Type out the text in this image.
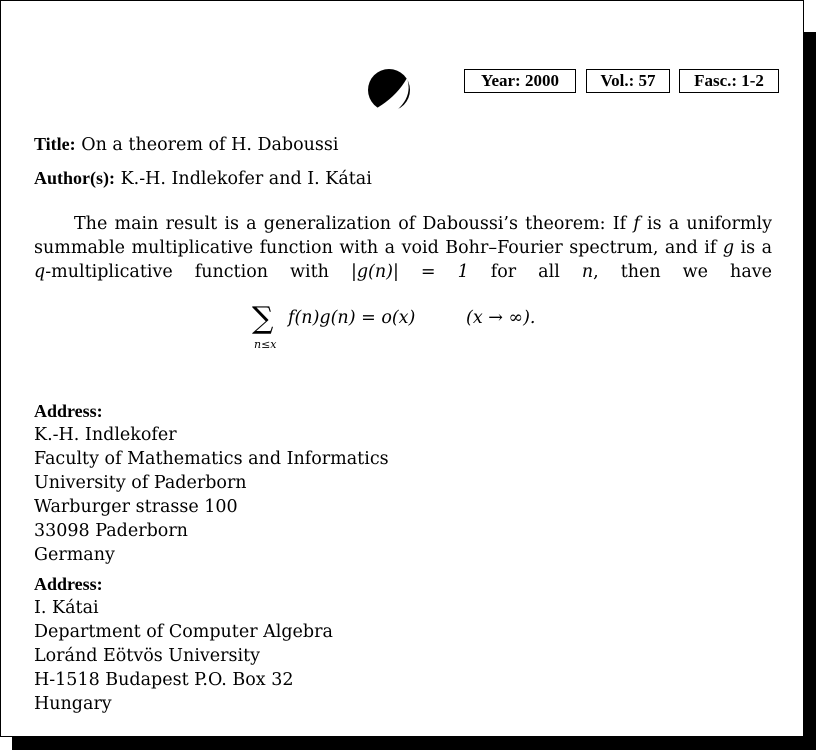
Year: 2000	Vol.: 57	Fasc.: 1-2
Title: On a theorem of H. Daboussi
Author(s): K.-H. Indlekofer and I. Kátai
The main result is a generalization of Daboussi’s theorem: If f is a uniformly summable multiplicative function with a void Bohr–Fourier spectrum, and if g is a q-multiplicative function with |g(n)| = 1 for all n, then we have
∑
n≤x
f(n)g(n) = o(x)	(x → ∞).
Address:
K.-H. Indlekofer
Faculty of Mathematics and Informatics
University of Paderborn
Warburger strasse 100
33098 Paderborn
Germany
Address:
I. Kátai
Department of Computer Algebra
Loránd Eötvös University
H-1518 Budapest P.O. Box 32
Hungary
